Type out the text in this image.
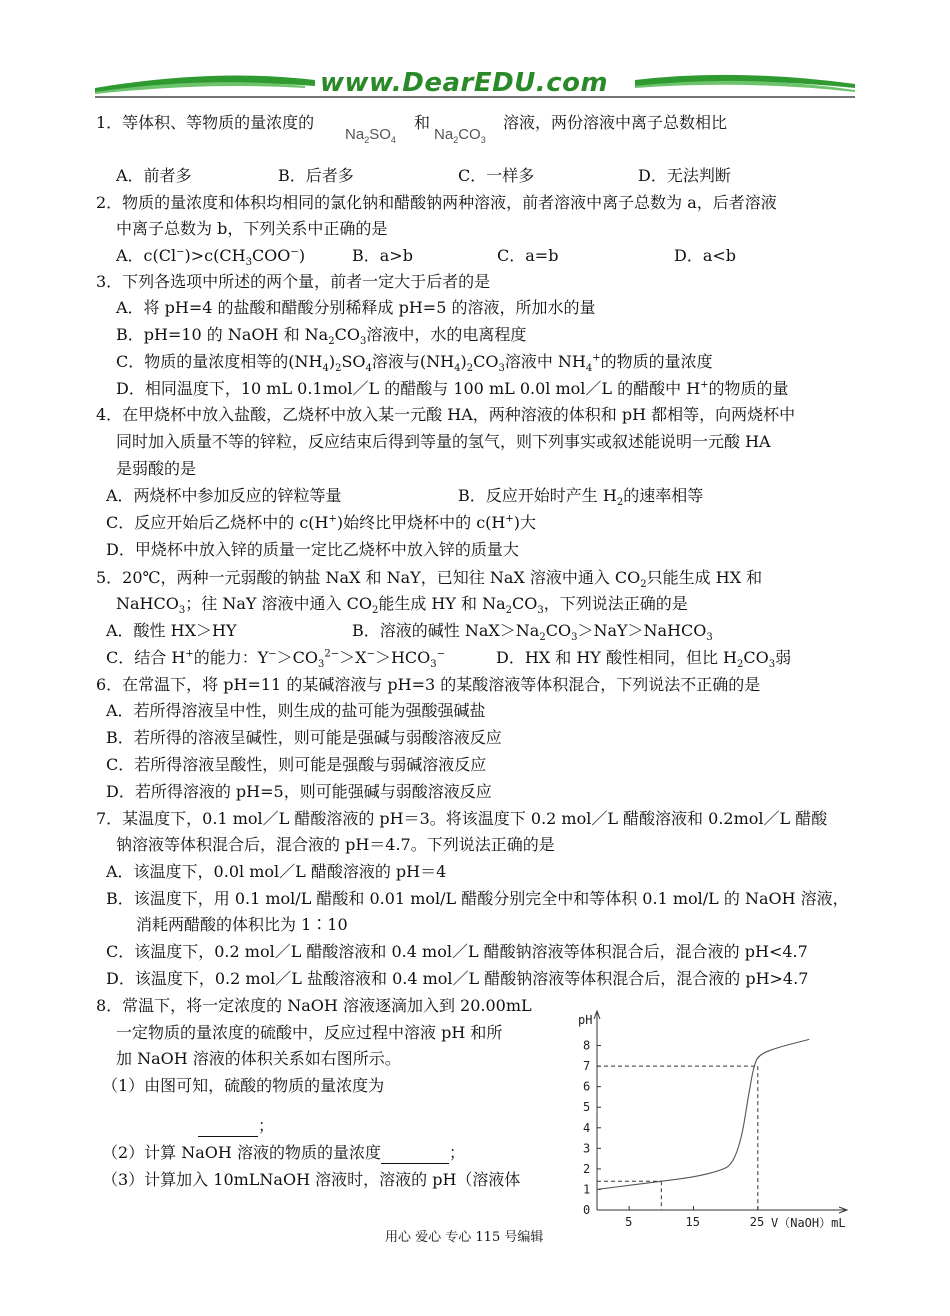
www.DearEDU.com
1．等体积、等物质的量浓度的
$Na_2SO_4$
和
$Na_2CO_3$
溶液，两份溶液中离子总数相比
A．前者多	B．后者多	C．一样多	D．无法判断
2．物质的量浓度和体积均相同的氯化钠和醋酸钠两种溶液，前者溶液中离子总数为 a，后者溶液
中离子总数为 b，下列关系中正确的是
A．$c(Cl^-)>c(CH_3COO^-)$	B．a>b	C．a=b	D．a<b
3．下列各选项中所述的两个量，前者一定大于后者的是
A．将 pH=4 的盐酸和醋酸分别稀释成 pH=5 的溶液，所加水的量
B．pH=10 的 NaOH 和 $Na_2CO_3$溶液中，水的电离程度
C．物质的量浓度相等的$(NH_4)_2SO_4$溶液与$(NH_4)_2CO_3$溶液中 $NH_4^+$的物质的量浓度
D．相同温度下，10 mL 0.1mol／L 的醋酸与 100 mL 0.0l mol／L 的醋酸中 H+的物质的量
4．在甲烧杯中放入盐酸，乙烧杯中放入某一元酸 HA，两种溶液的体积和 pH 都相等，向两烧杯中
同时加入质量不等的锌粒，反应结束后得到等量的氢气，则下列事实或叙述能说明一元酸 HA
是弱酸的是
A．两烧杯中参加反应的锌粒等量	B．反应开始时产生 $H_2$的速率相等
C．反应开始后乙烧杯中的 c(H+)始终比甲烧杯中的 c(H+)大
D．甲烧杯中放入锌的质量一定比乙烧杯中放入锌的质量大
5．20℃，两种一元弱酸的钠盐 NaX 和 NaY，已知往 NaX 溶液中通入 $CO_2$只能生成 HX 和
NaHCO$_3$；往 NaY 溶液中通入 $CO_2$能生成 HY 和 $Na_2CO_3$，下列说法正确的是
A．酸性 HX＞HY	B．溶液的碱性 $NaX>Na_2CO_3>NaY>NaHCO_3$
C．结合 H+的能力：$Y^->CO_3^{2-}>X^->HCO_3^-$	D．HX 和 HY 酸性相同，但比 $H_2CO_3$弱
6．在常温下，将 pH=11 的某碱溶液与 pH=3 的某酸溶液等体积混合，下列说法不正确的是
A．若所得溶液呈中性，则生成的盐可能为强酸强碱盐
B．若所得的溶液呈碱性，则可能是强碱与弱酸溶液反应
C．若所得溶液呈酸性，则可能是强酸与弱碱溶液反应
D．若所得溶液的 pH=5，则可能强碱与弱酸溶液反应
7．某温度下，0.1 mol／L 醋酸溶液的 pH＝3。将该温度下 0.2 mol／L 醋酸溶液和 0.2mol／L 醋酸
钠溶液等体积混合后，混合液的 pH＝4.7。下列说法正确的是
A．该温度下，0.0l mol／L 醋酸溶液的 pH＝4
B．该温度下，用 0.1 mol/L 醋酸和 0.01 mol/L 醋酸分别完全中和等体积 0.1 mol/L 的 NaOH 溶液，
消耗两醋酸的体积比为 1∶10
C．该温度下，0.2 mol／L 醋酸溶液和 0.4 mol／L 醋酸钠溶液等体积混合后，混合液的 pH<4.7
D．该温度下，0.2 mol／L 盐酸溶液和 0.4 mol／L 醋酸钠溶液等体积混合后，混合液的 pH>4.7
8．常温下，将一定浓度的 NaOH 溶液逐滴加入到 20.00mL
一定物质的量浓度的硫酸中，反应过程中溶液 pH 和所
加 NaOH 溶液的体积关系如右图所示。
（1）由图可知，硫酸的物质的量浓度为
；
（2）计算 NaOH 溶液的物质的量浓度	；
（3）计算加入 10mLNaOH 溶液时，溶液的 pH（溶液体
0
1
2
3
4
5
6
7
8
5	15	25
pH
V（NaOH）mL
用心 爱心 专心 115 号编辑
